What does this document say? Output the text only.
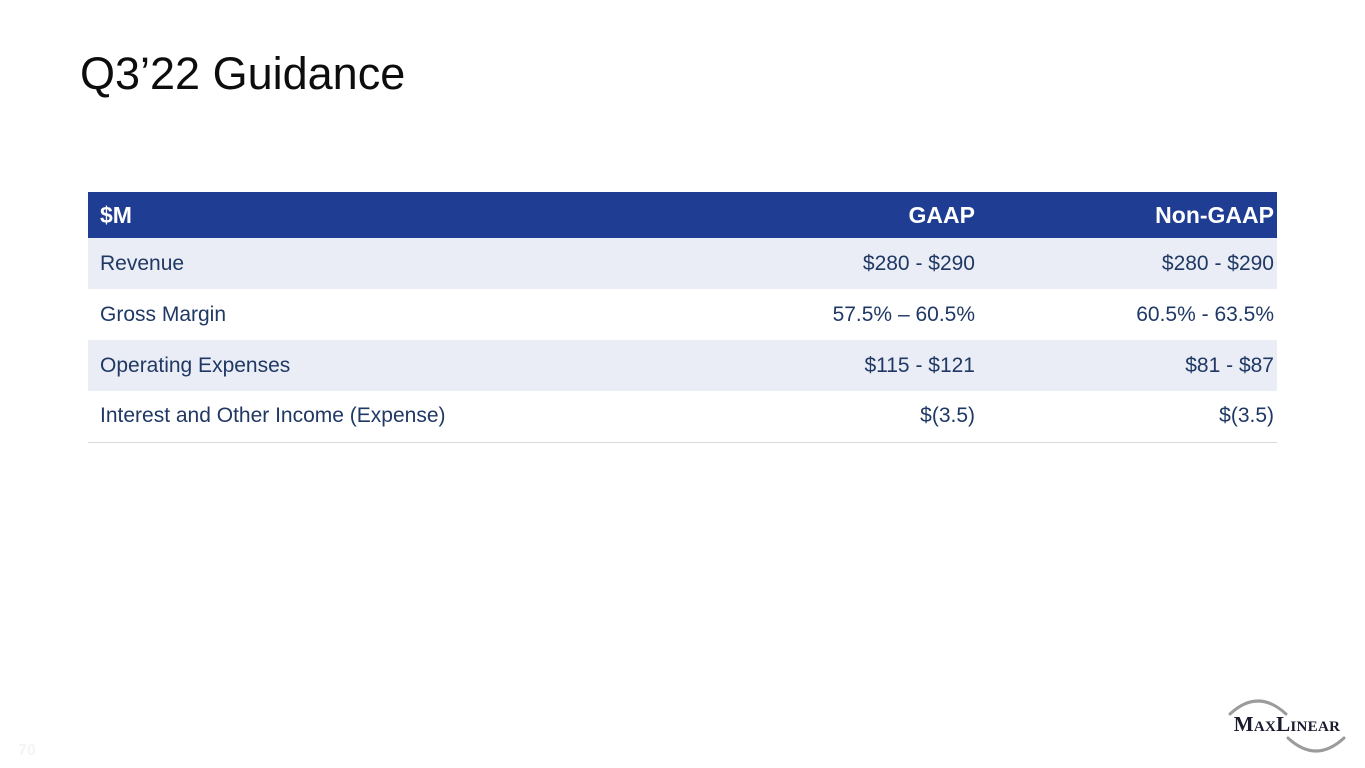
Q3’22 Guidance
$M	GAAP	Non-GAAP
Revenue	$280 - $290	$280 - $290
Gross Margin	57.5% – 60.5%	60.5% - 63.5%
Operating Expenses	$115 - $121	$81 - $87
Interest and Other Income (Expense)	$(3.5)	$(3.5)
70
MaxLinear
